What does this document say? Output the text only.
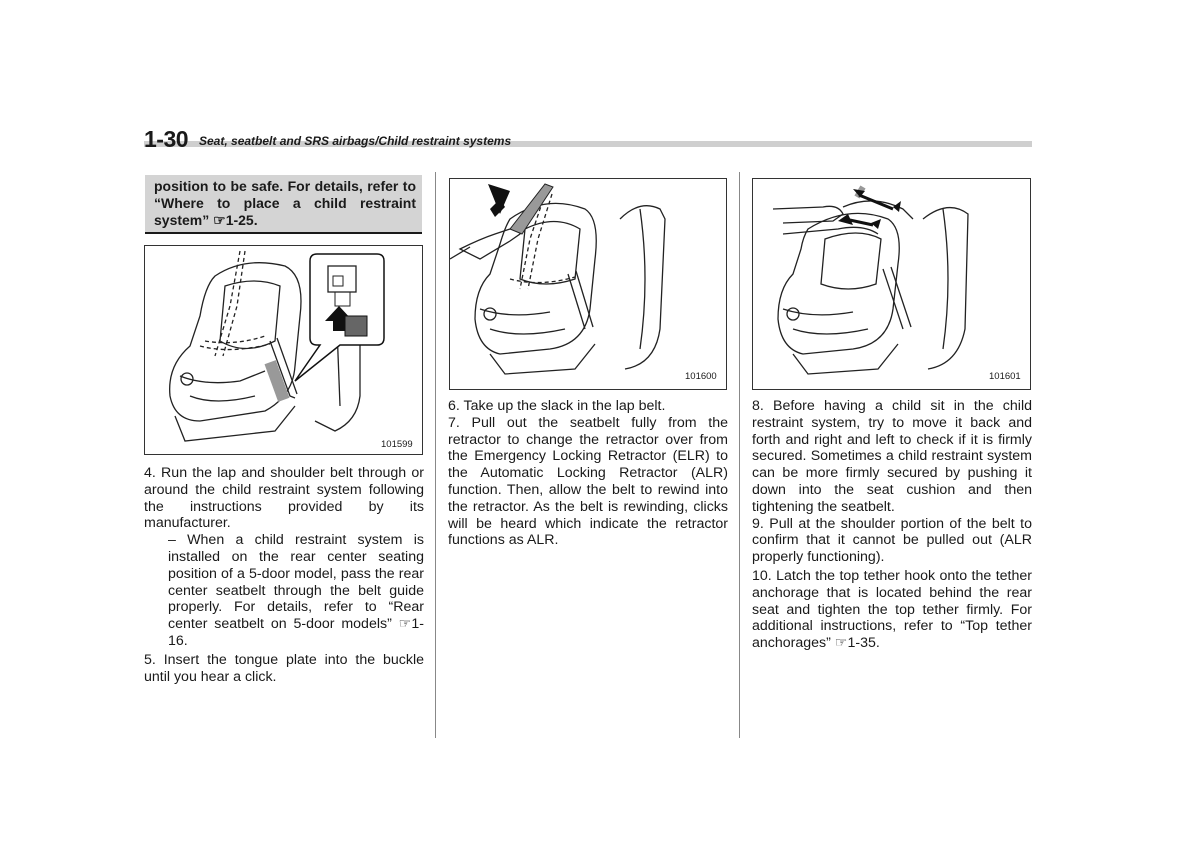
1-30 Seat, seatbelt and SRS airbags/Child restraint systems
position to be safe. For details, refer to “Where to place a child restraint system” ☞1-25.
101599

4. Run the lap and shoulder belt through or around the child restraint system following the instructions provided by its manufacturer.

– When a child restraint system is installed on the rear center seating position of a 5-door model, pass the rear center seatbelt through the belt guide properly. For details, refer to “Rear center seatbelt on 5-door models” ☞1-16.

5. Insert the tongue plate into the buckle until you hear a click.

101600

6. Take up the slack in the lap belt.

7. Pull out the seatbelt fully from the retractor to change the retractor over from the Emergency Locking Retractor (ELR) to the Automatic Locking Retractor (ALR) function. Then, allow the belt to rewind into the retractor. As the belt is rewinding, clicks will be heard which indicate the retractor functions as ALR.

101601

8. Before having a child sit in the child restraint system, try to move it back and forth and right and left to check if it is firmly secured. Sometimes a child restraint system can be more firmly secured by pushing it down into the seat cushion and then tightening the seatbelt.

9. Pull at the shoulder portion of the belt to confirm that it cannot be pulled out (ALR properly functioning).

10. Latch the top tether hook onto the tether anchorage that is located behind the rear seat and tighten the top tether firmly. For additional instructions, refer to “Top tether anchorages” ☞1-35.
